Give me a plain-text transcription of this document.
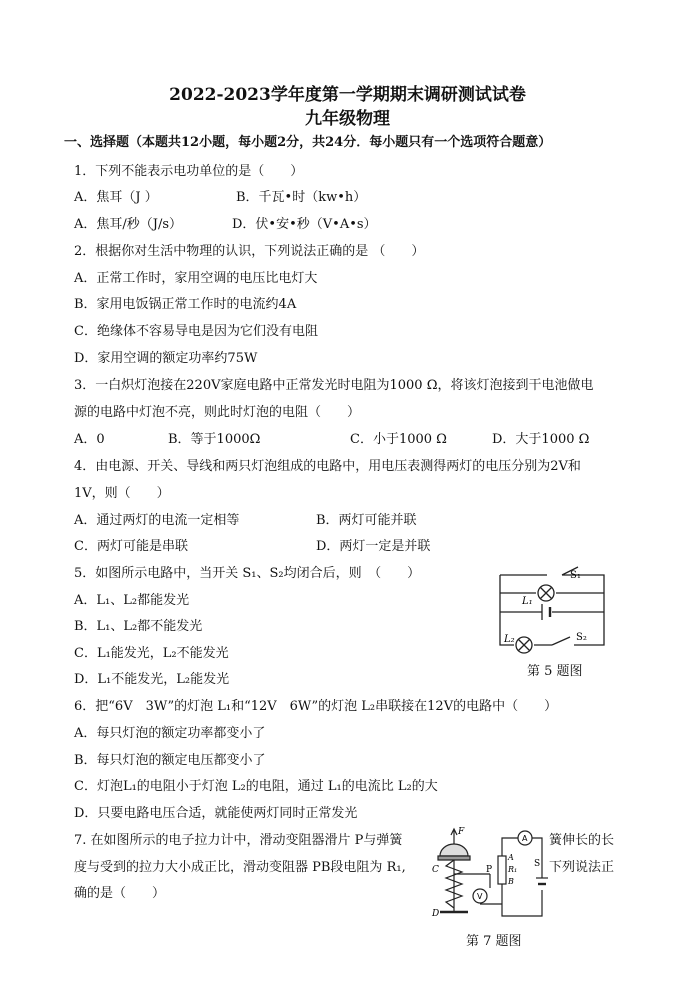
2022-2023学年度第一学期期末调研测试试卷
九年级物理
一、选择题（本题共12小题，每小题2分，共24分．每小题只有一个选项符合题意）
1．下列不能表示电功单位的是（　　）
A．焦耳（J ）	B．千瓦•时（kw•h）
A．焦耳/秒（J/s）	D．伏•安•秒（V•A•s）
2．根据你对生活中物理的认识，下列说法正确的是 （　　）
A．正常工作时，家用空调的电压比电灯大
B．家用电饭锅正常工作时的电流约4A
C．绝缘体不容易导电是因为它们没有电阻
D．家用空调的额定功率约75W
3．一白炽灯泡接在220V家庭电路中正常发光时电阻为1000 Ω，将该灯泡接到干电池做电
源的电路中灯泡不亮，则此时灯泡的电阻（　　）
A．0	B．等于1000Ω	C．小于1000 Ω	D．大于1000 Ω
4．由电源、开关、导线和两只灯泡组成的电路中，用电压表测得两灯的电压分别为2V和
1V，则（　　）
A．通过两灯的电流一定相等	B．两灯可能并联
C．两灯可能是串联	D．两灯一定是并联
5．如图所示电路中，当开关 S₁、S₂均闭合后，则　（　　）
A．L₁、L₂都能发光
B．L₁、L₂都不能发光
C．L₁能发光，L₂不能发光
D．L₁不能发光，L₂能发光
S₁
L₁
L₂	S₂
第 5 题图
6．把“6V　3W”的灯泡 L₁和“12V　6W”的灯泡 L₂串联接在12V的电路中（　　）
A．每只灯泡的额定功率都变小了
B．每只灯泡的额定电压都变小了
C．灯泡L₁的电阻小于灯泡 L₂的电阻，通过 L₁的电流比 L₂的大
D．只要电路电压合适，就能使两灯同时正常发光
7. 在如图所示的电子拉力计中，滑动变阻器滑片 P与弹簧	簧伸长的长
度与受到的拉力大小成正比，滑动变阻器 PB段电阻为 R₁,	下列说法正
确的是（　　）
F
C
D
P
A
R₁
B
S
A
V
第 7 题图
